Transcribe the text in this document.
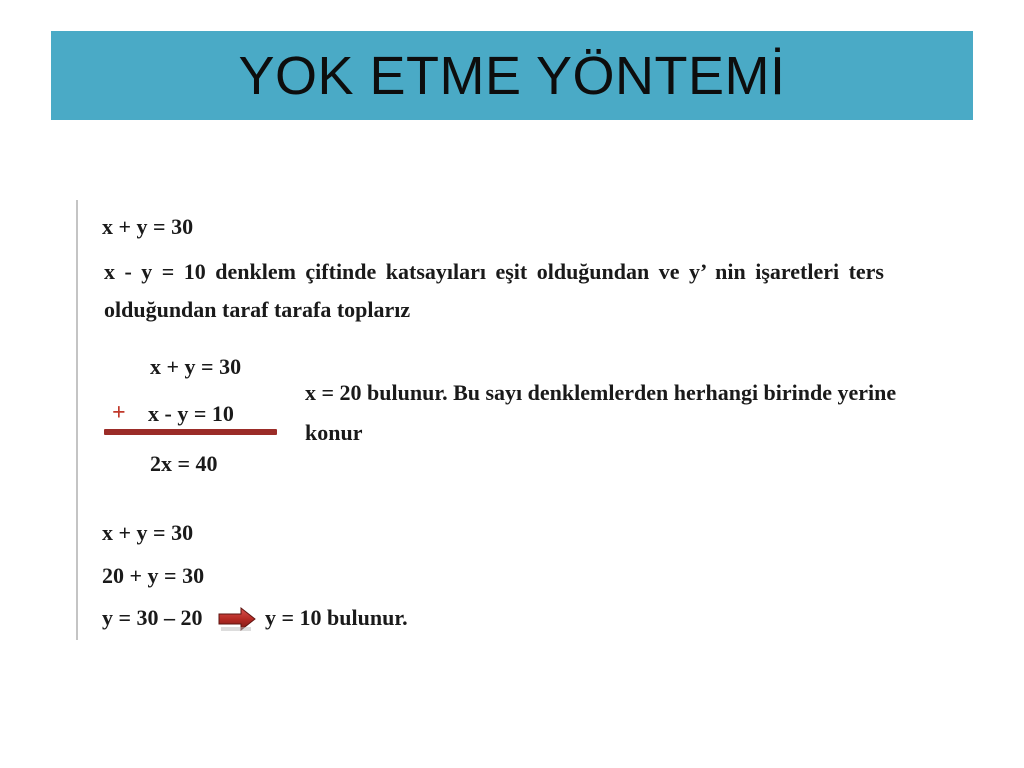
YOK ETME YÖNTEMİ
x + y = 30
x - y = 10 denklem çiftinde katsayıları eşit olduğundan ve y’ nin işaretleri ters
olduğundan taraf tarafa toplarız
x + y = 30
+ x - y = 10
2x = 40
x = 20 bulunur. Bu sayı denklemlerden herhangi birinde yerine
konur
x + y = 30
20 + y = 30
y = 30 – 20	y = 10 bulunur.
